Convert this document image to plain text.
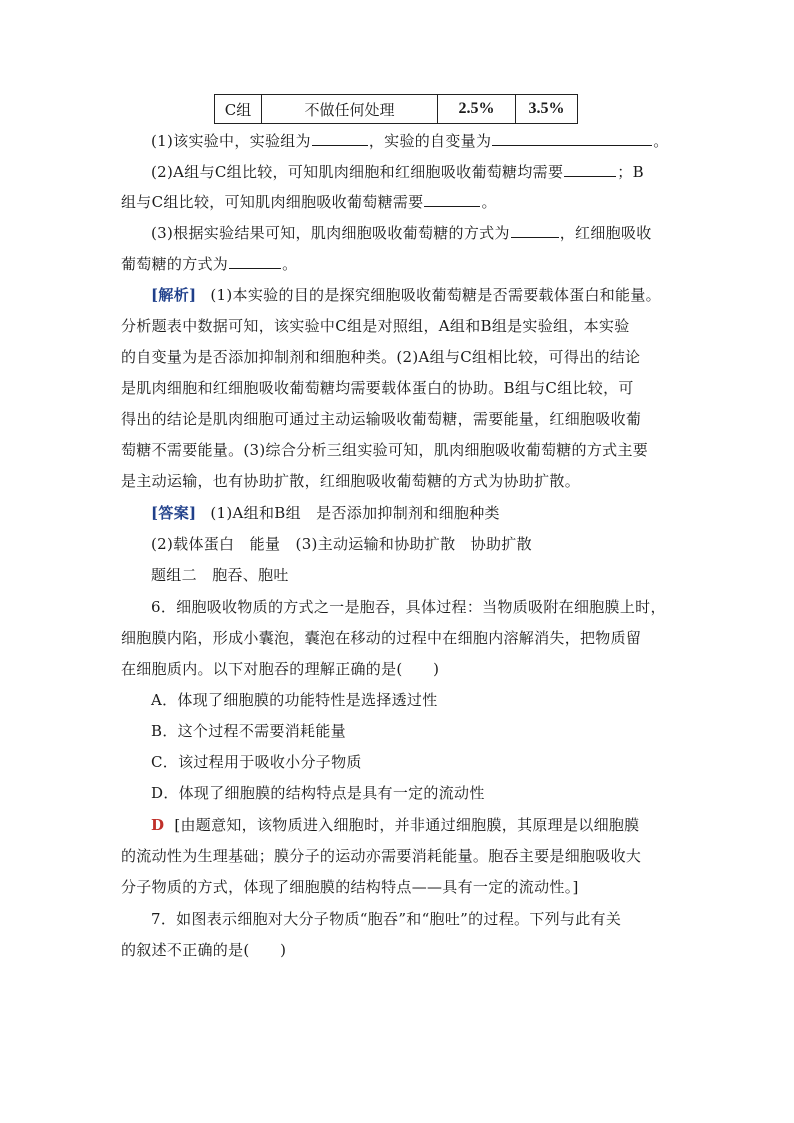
C组	不做任何处理	2.5%	3.5%
(1)该实验中，实验组为	，实验的自变量为	。
(2)A组与C组比较，可知肌肉细胞和红细胞吸收葡萄糖均需要	；B
组与C组比较，可知肌肉细胞吸收葡萄糖需要	。
(3)根据实验结果可知，肌肉细胞吸收葡萄糖的方式为	，红细胞吸收
葡萄糖的方式为	。
[解析] (1)本实验的目的是探究细胞吸收葡萄糖是否需要载体蛋白和能量。
分析题表中数据可知，该实验中C组是对照组，A组和B组是实验组，本实验
的自变量为是否添加抑制剂和细胞种类。(2)A组与C组相比较，可得出的结论
是肌肉细胞和红细胞吸收葡萄糖均需要载体蛋白的协助。B组与C组比较，可
得出的结论是肌肉细胞可通过主动运输吸收葡萄糖，需要能量，红细胞吸收葡
萄糖不需要能量。(3)综合分析三组实验可知，肌肉细胞吸收葡萄糖的方式主要
是主动运输，也有协助扩散，红细胞吸收葡萄糖的方式为协助扩散。
[答案] (1)A组和B组　是否添加抑制剂和细胞种类
(2)载体蛋白　能量　(3)主动运输和协助扩散　协助扩散
题组二　胞吞、胞吐
6．细胞吸收物质的方式之一是胞吞，具体过程：当物质吸附在细胞膜上时，
细胞膜内陷，形成小囊泡，囊泡在移动的过程中在细胞内溶解消失，把物质留
在细胞质内。以下对胞吞的理解正确的是(　　)
A．体现了细胞膜的功能特性是选择透过性
B．这个过程不需要消耗能量
C．该过程用于吸收小分子物质
D．体现了细胞膜的结构特点是具有一定的流动性
D [由题意知，该物质进入细胞时，并非通过细胞膜，其原理是以细胞膜
的流动性为生理基础；膜分子的运动亦需要消耗能量。胞吞主要是细胞吸收大
分子物质的方式，体现了细胞膜的结构特点——具有一定的流动性。]
7．如图表示细胞对大分子物质“胞吞”和“胞吐”的过程。下列与此有关
的叙述不正确的是(　　)
